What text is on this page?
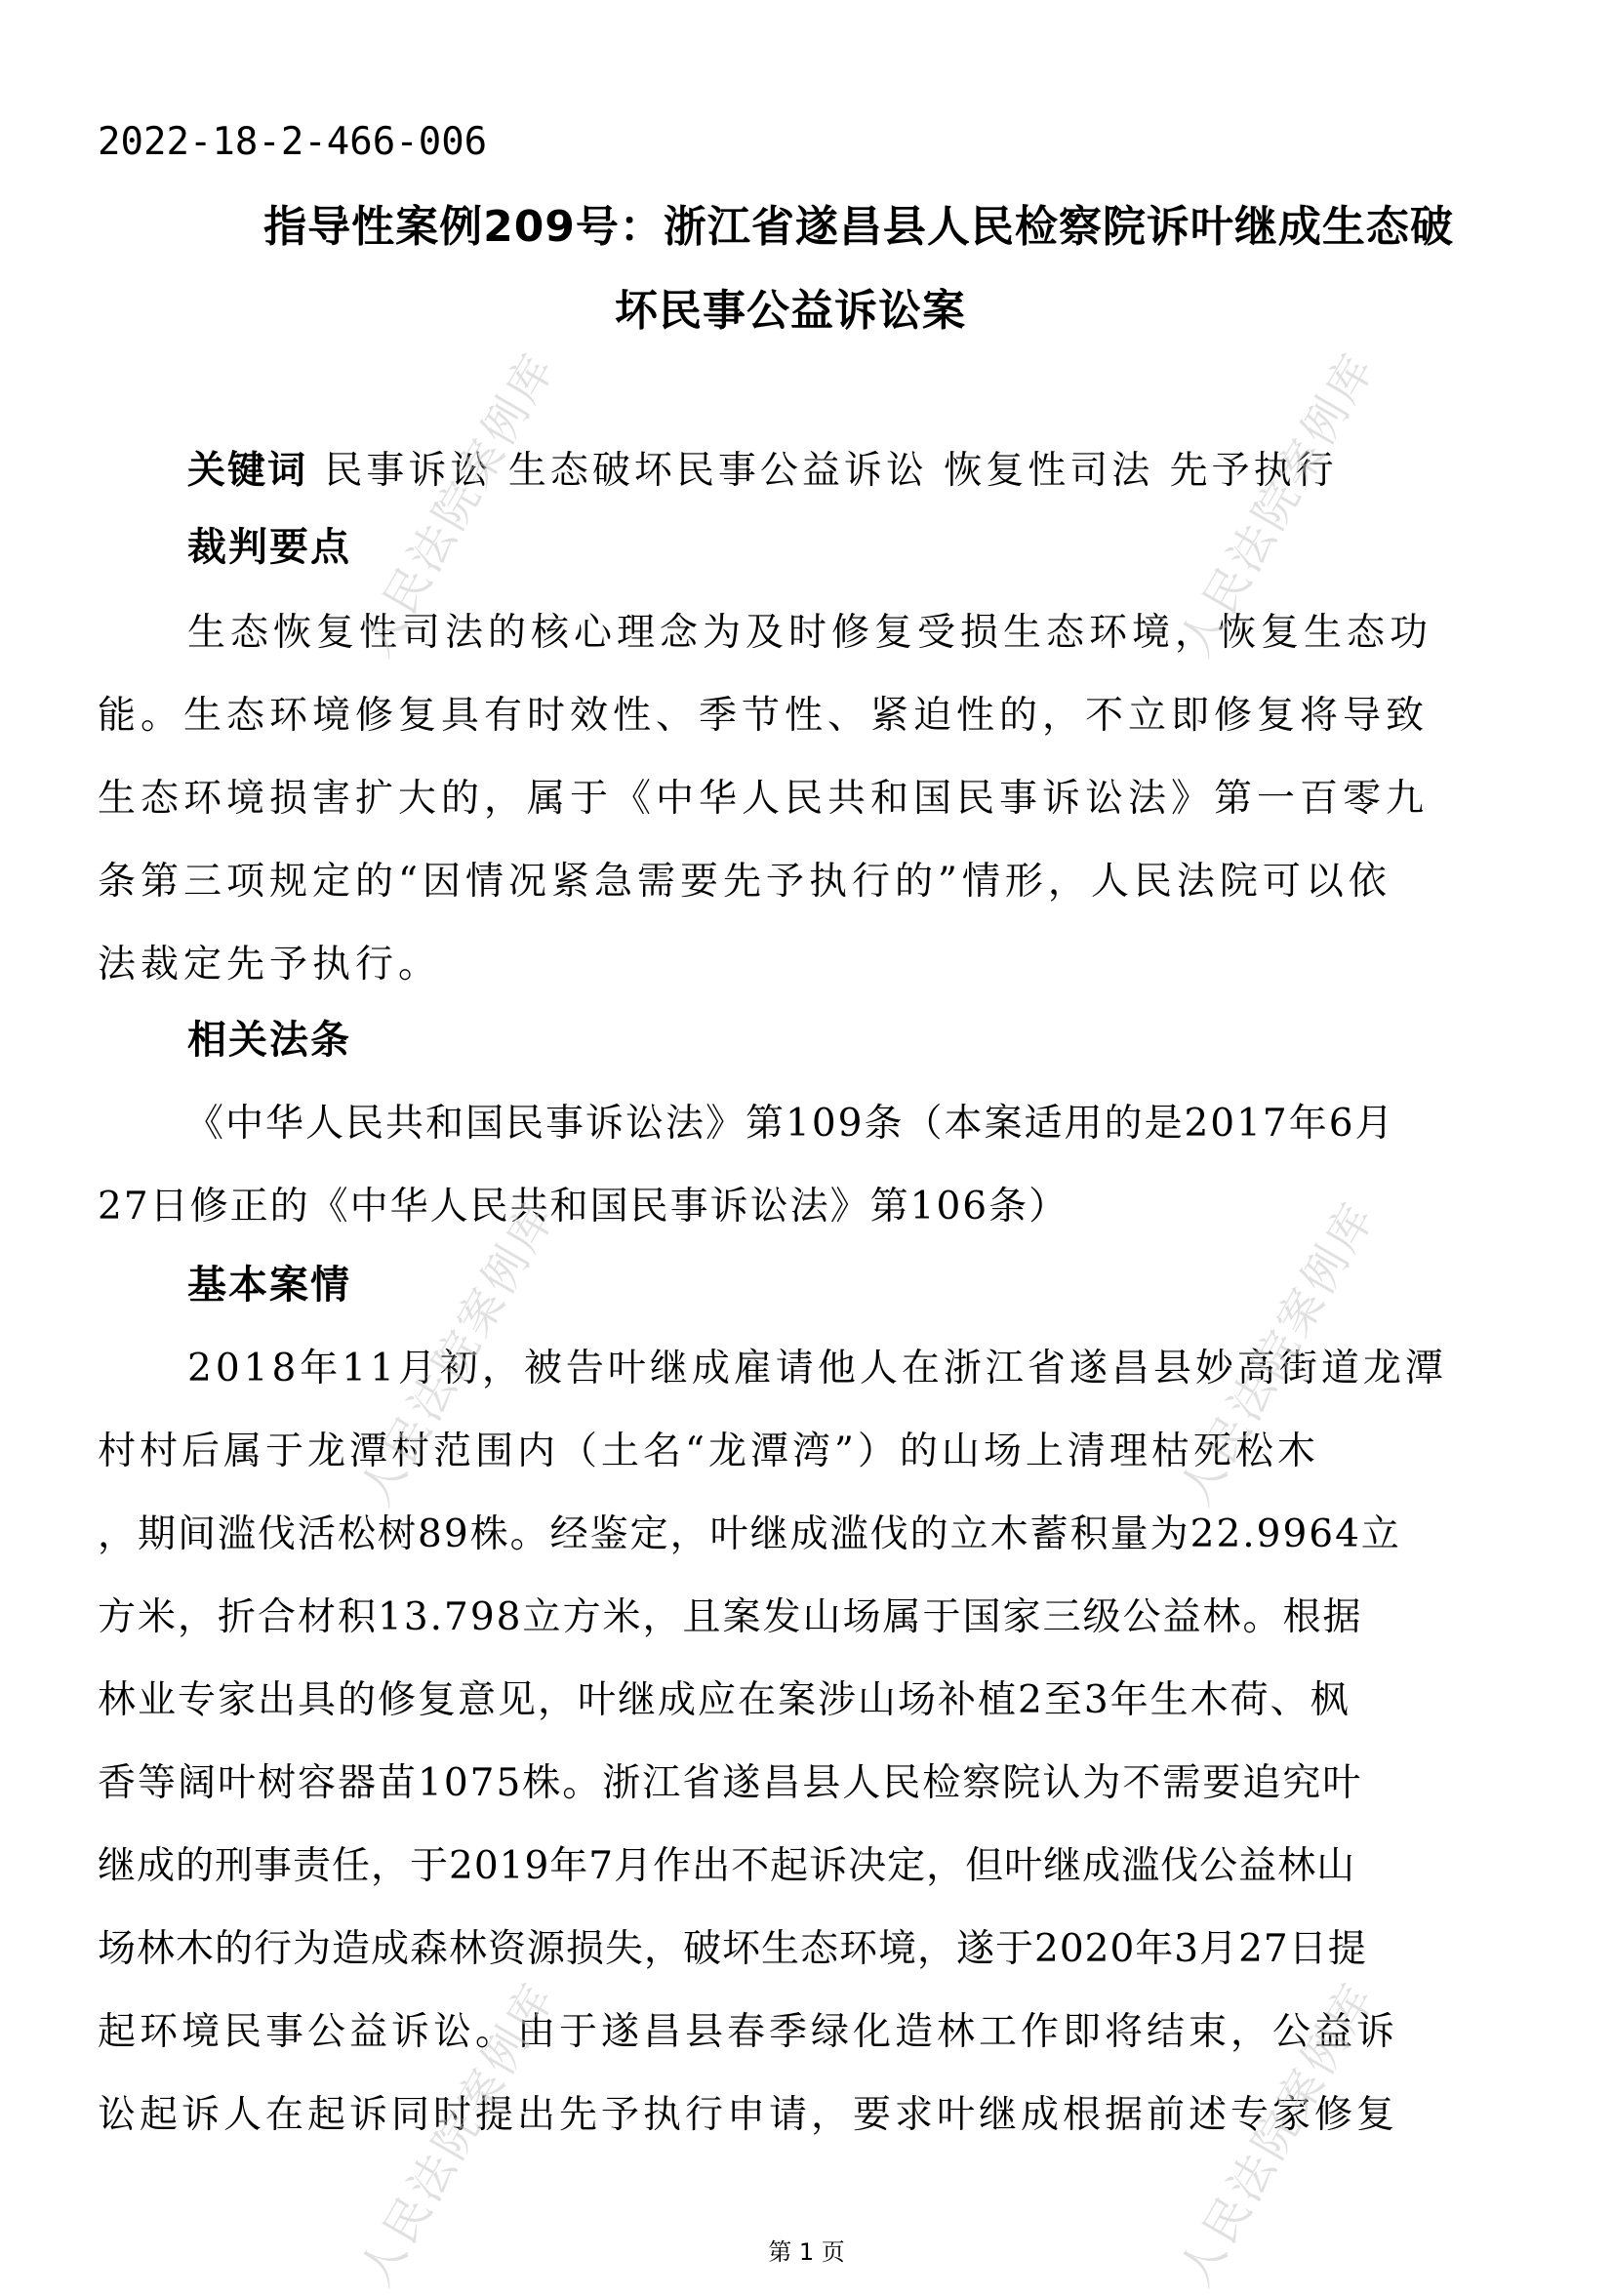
2022-18-2-466-006
指导性案例209号：浙江省遂昌县人民检察院诉叶继成生态破
坏民事公益诉讼案
关键词 民事诉讼 生态破坏民事公益诉讼 恢复性司法 先予执行
裁判要点
生态恢复性司法的核心理念为及时修复受损生态环境，恢复生态功
能。生态环境修复具有时效性、季节性、紧迫性的，不立即修复将导致
生态环境损害扩大的，属于《中华人民共和国民事诉讼法》第一百零九
条第三项规定的“因情况紧急需要先予执行的”情形，人民法院可以依
法裁定先予执行。
相关法条
《中华人民共和国民事诉讼法》第109条（本案适用的是2017年6月
27日修正的《中华人民共和国民事诉讼法》第106条）
基本案情
2018年11月初，被告叶继成雇请他人在浙江省遂昌县妙高街道龙潭
村村后属于龙潭村范围内（土名“龙潭湾”）的山场上清理枯死松木
，期间滥伐活松树89株。经鉴定，叶继成滥伐的立木蓄积量为22.9964立
方米，折合材积13.798立方米，且案发山场属于国家三级公益林。根据
林业专家出具的修复意见，叶继成应在案涉山场补植2至3年生木荷、枫
香等阔叶树容器苗1075株。浙江省遂昌县人民检察院认为不需要追究叶
继成的刑事责任，于2019年7月作出不起诉决定，但叶继成滥伐公益林山
场林木的行为造成森林资源损失，破坏生态环境，遂于2020年3月27日提
起环境民事公益诉讼。由于遂昌县春季绿化造林工作即将结束，公益诉
讼起诉人在起诉同时提出先予执行申请，要求叶继成根据前述专家修复
第 1 页
人民法院案例库	人民法院案例库
人民法院案例库	人民法院案例库
人民法院案例库	人民法院案例库
